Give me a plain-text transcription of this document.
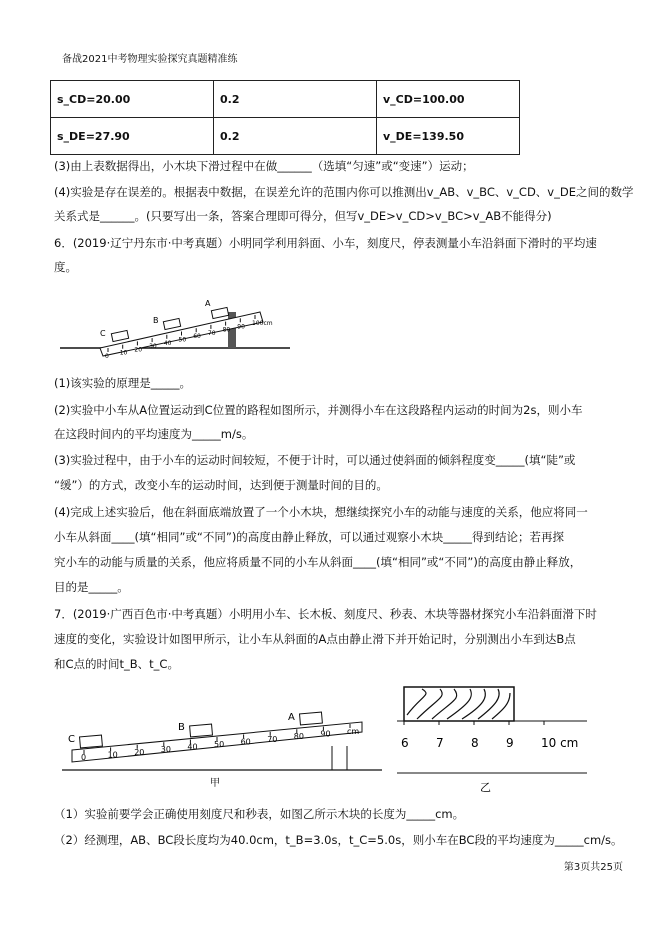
备战2021中考物理实验探究真题精准练
s_CD=20.00	0.2	v_CD=100.00
s_DE=27.90	0.2	v_DE=139.50
(3)由上表数据得出，小木块下滑过程中在做______（选填“匀速”或“变速”）运动；
(4)实验是存在误差的。根据表中数据，在误差允许的范围内你可以推测出v_AB、v_BC、v_CD、v_DE之间的数学
关系式是______。(只要写出一条，答案合理即可得分，但写v_DE>v_CD>v_BC>v_AB不能得分)
6．(2019·辽宁丹东市·中考真题）小明同学利用斜面、小车，刻度尺，停表测量小车沿斜面下滑时的平均速
度。
0 10 20 30 40 50 60 70 80 90 100cm
C
B
A
(1)该实验的原理是_____。
(2)实验中小车从A位置运动到C位置的路程如图所示，并测得小车在这段路程内运动的时间为2s，则小车
在这段时间内的平均速度为_____m/s。
(3)实验过程中，由于小车的运动时间较短，不便于计时，可以通过使斜面的倾斜程度变_____(填“陡”或
“缓”）的方式，改变小车的运动时间，达到便于测量时间的目的。
(4)完成上述实验后，他在斜面底端放置了一个小木块，想继续探究小车的动能与速度的关系，他应将同一
小车从斜面____(填“相同”或“不同”)的高度由静止释放，可以通过观察小木块_____得到结论；若再探
究小车的动能与质量的关系，他应将质量不同的小车从斜面____(填“相同”或“不同”)的高度由静止释放，
目的是_____。
7．(2019·广西百色市·中考真题）小明用小车、长木板、刻度尺、秒表、木块等器材探究小车沿斜面滑下时
速度的变化，实验设计如图甲所示，让小车从斜面的A点由静止滑下并开始记时，分别测出小车到达B点
和C点的时间t_B、t_C。
0	10 20 30 40 50 60 70 80 90 cm
C
B
A
甲
6 7 8 9 10 cm
乙
（1）实验前要学会正确使用刻度尺和秒表，如图乙所示木块的长度为_____cm。
（2）经测理，AB、BC段长度均为40.0cm，t_B=3.0s，t_C=5.0s，则小车在BC段的平均速度为_____cm/s。
第3页共25页
